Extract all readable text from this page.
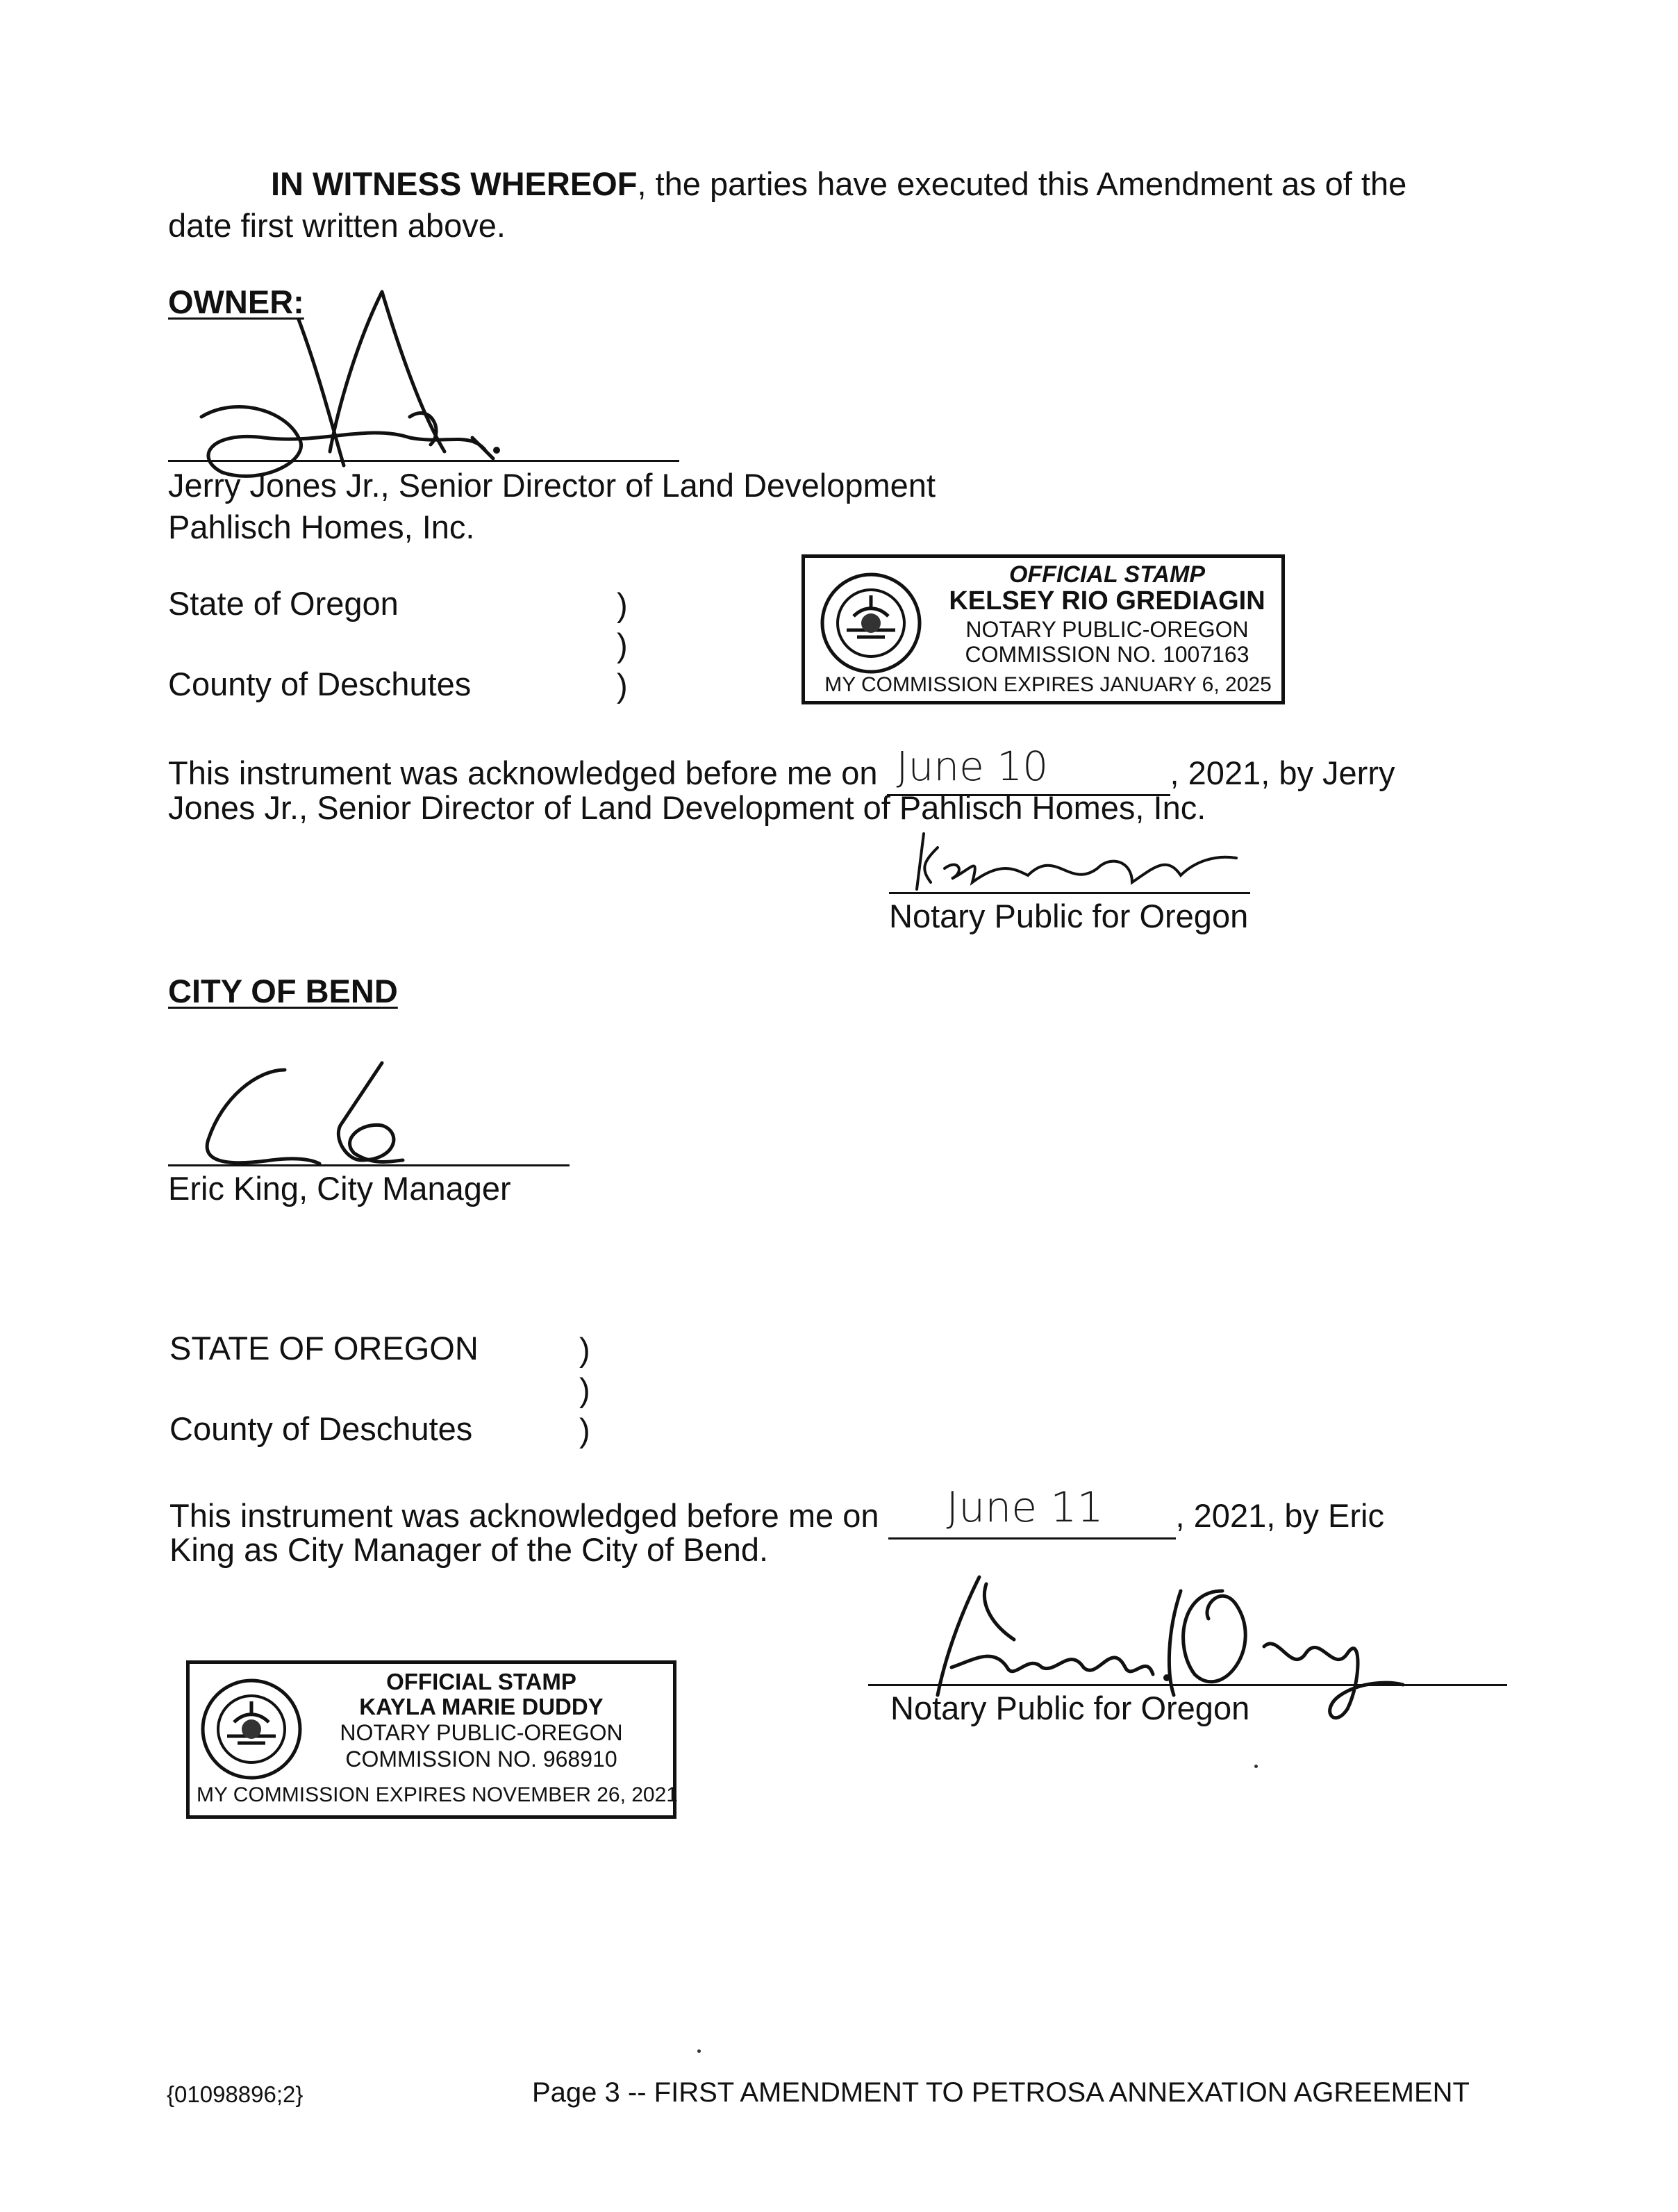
IN WITNESS WHEREOF, the parties have executed this Amendment as of the
date first written above.
OWNER:
Jerry Jones Jr., Senior Director of Land Development
Pahlisch Homes, Inc.
State of Oregon
County of Deschutes
)
)
)
OFFICIAL STAMP
KELSEY RIO GREDIAGIN
NOTARY PUBLIC-OREGON
COMMISSION NO. 1007163
MY COMMISSION EXPIRES JANUARY 6, 2025
This instrument was acknowledged before me on June 10	, 2021, by Jerry
Jones Jr., Senior Director of Land Development of Pahlisch Homes, Inc.
Notary Public for Oregon
CITY OF BEND
Eric King, City Manager
STATE OF OREGON
County of Deschutes
)
)
)
This instrument was acknowledged before me on June 11 , 2021, by Eric
King as City Manager of the City of Bend.
Notary Public for Oregon
OFFICIAL STAMP
KAYLA MARIE DUDDY
NOTARY PUBLIC-OREGON
COMMISSION NO. 968910
MY COMMISSION EXPIRES NOVEMBER 26, 2021
{01098896;2}	Page 3 -- FIRST AMENDMENT TO PETROSA ANNEXATION AGREEMENT
